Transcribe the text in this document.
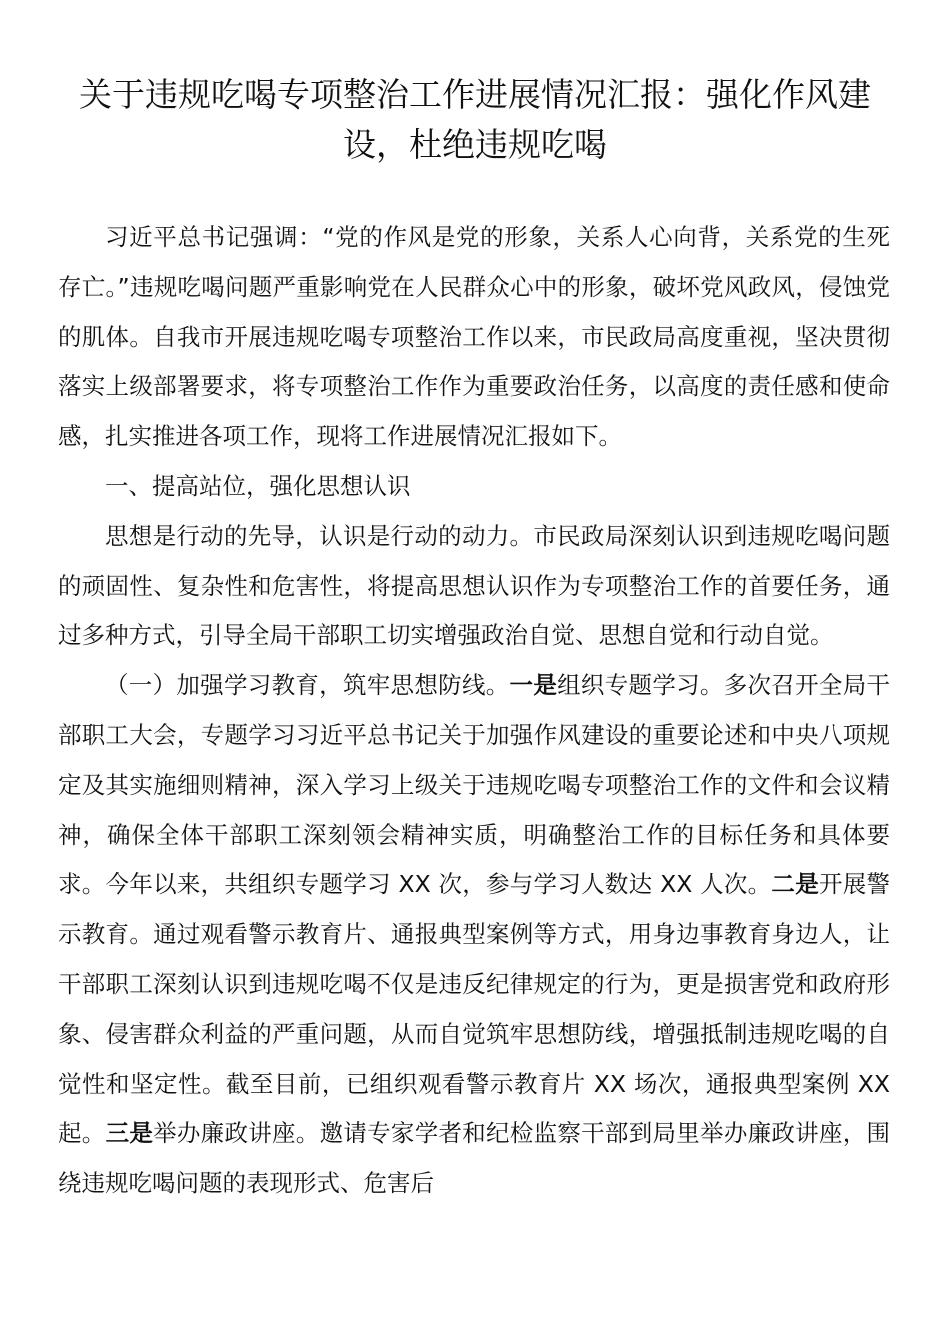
关于违规吃喝专项整治工作进展情况汇报：强化作风建设，杜绝违规吃喝

习近平总书记强调：“党的作风是党的形象，关系人心向背，关系党的生死存亡。”违规吃喝问题严重影响党在人民群众心中的形象，破坏党风政风，侵蚀党的肌体。自我市开展违规吃喝专项整治工作以来，市民政局高度重视，坚决贯彻落实上级部署要求，将专项整治工作作为重要政治任务，以高度的责任感和使命感，扎实推进各项工作，现将工作进展情况汇报如下。

一、提高站位，强化思想认识

思想是行动的先导，认识是行动的动力。市民政局深刻认识到违规吃喝问题的顽固性、复杂性和危害性，将提高思想认识作为专项整治工作的首要任务，通过多种方式，引导全局干部职工切实增强政治自觉、思想自觉和行动自觉。

（一）加强学习教育，筑牢思想防线。一是组织专题学习。多次召开全局干部职工大会，专题学习习近平总书记关于加强作风建设的重要论述和中央八项规定及其实施细则精神，深入学习上级关于违规吃喝专项整治工作的文件和会议精神，确保全体干部职工深刻领会精神实质，明确整治工作的目标任务和具体要求。今年以来，共组织专题学习 XX 次，参与学习人数达 XX 人次。二是开展警示教育。通过观看警示教育片、通报典型案例等方式，用身边事教育身边人，让干部职工深刻认识到违规吃喝不仅是违反纪律规定的行为，更是损害党和政府形象、侵害群众利益的严重问题，从而自觉筑牢思想防线，增强抵制违规吃喝的自觉性和坚定性。截至目前，已组织观看警示教育片 XX 场次，通报典型案例 XX 起。三是举办廉政讲座。邀请专家学者和纪检监察干部到局里举办廉政讲座，围绕违规吃喝问题的表现形式、危害后
